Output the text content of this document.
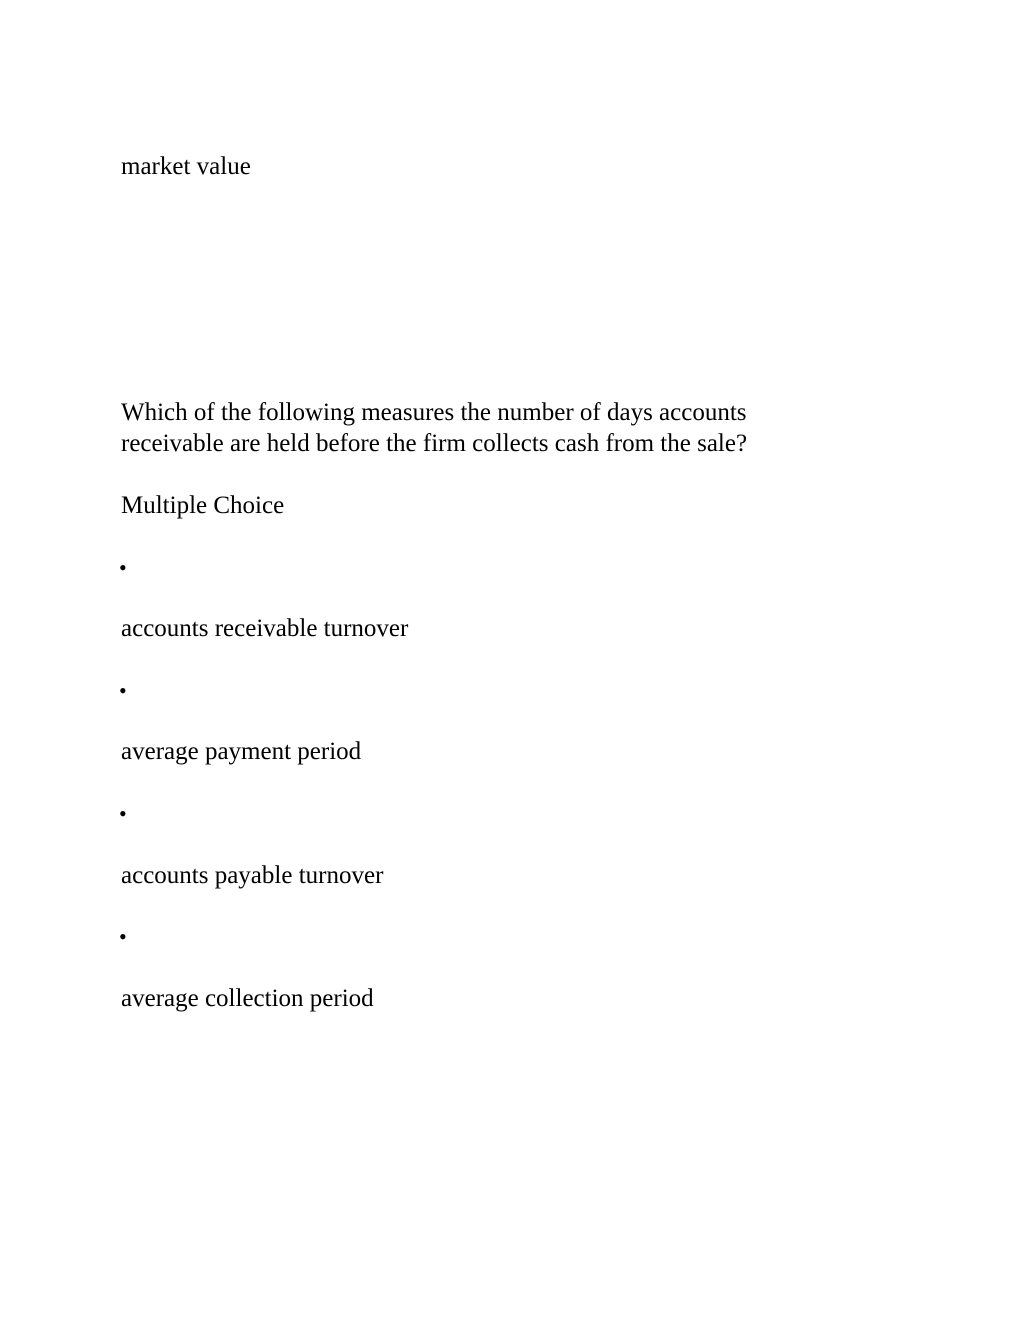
market value

Which of the following measures the number of days accounts
receivable are held before the firm collects cash from the sale?

Multiple Choice

•

accounts receivable turnover

•

average payment period

•

accounts payable turnover

•

average collection period
